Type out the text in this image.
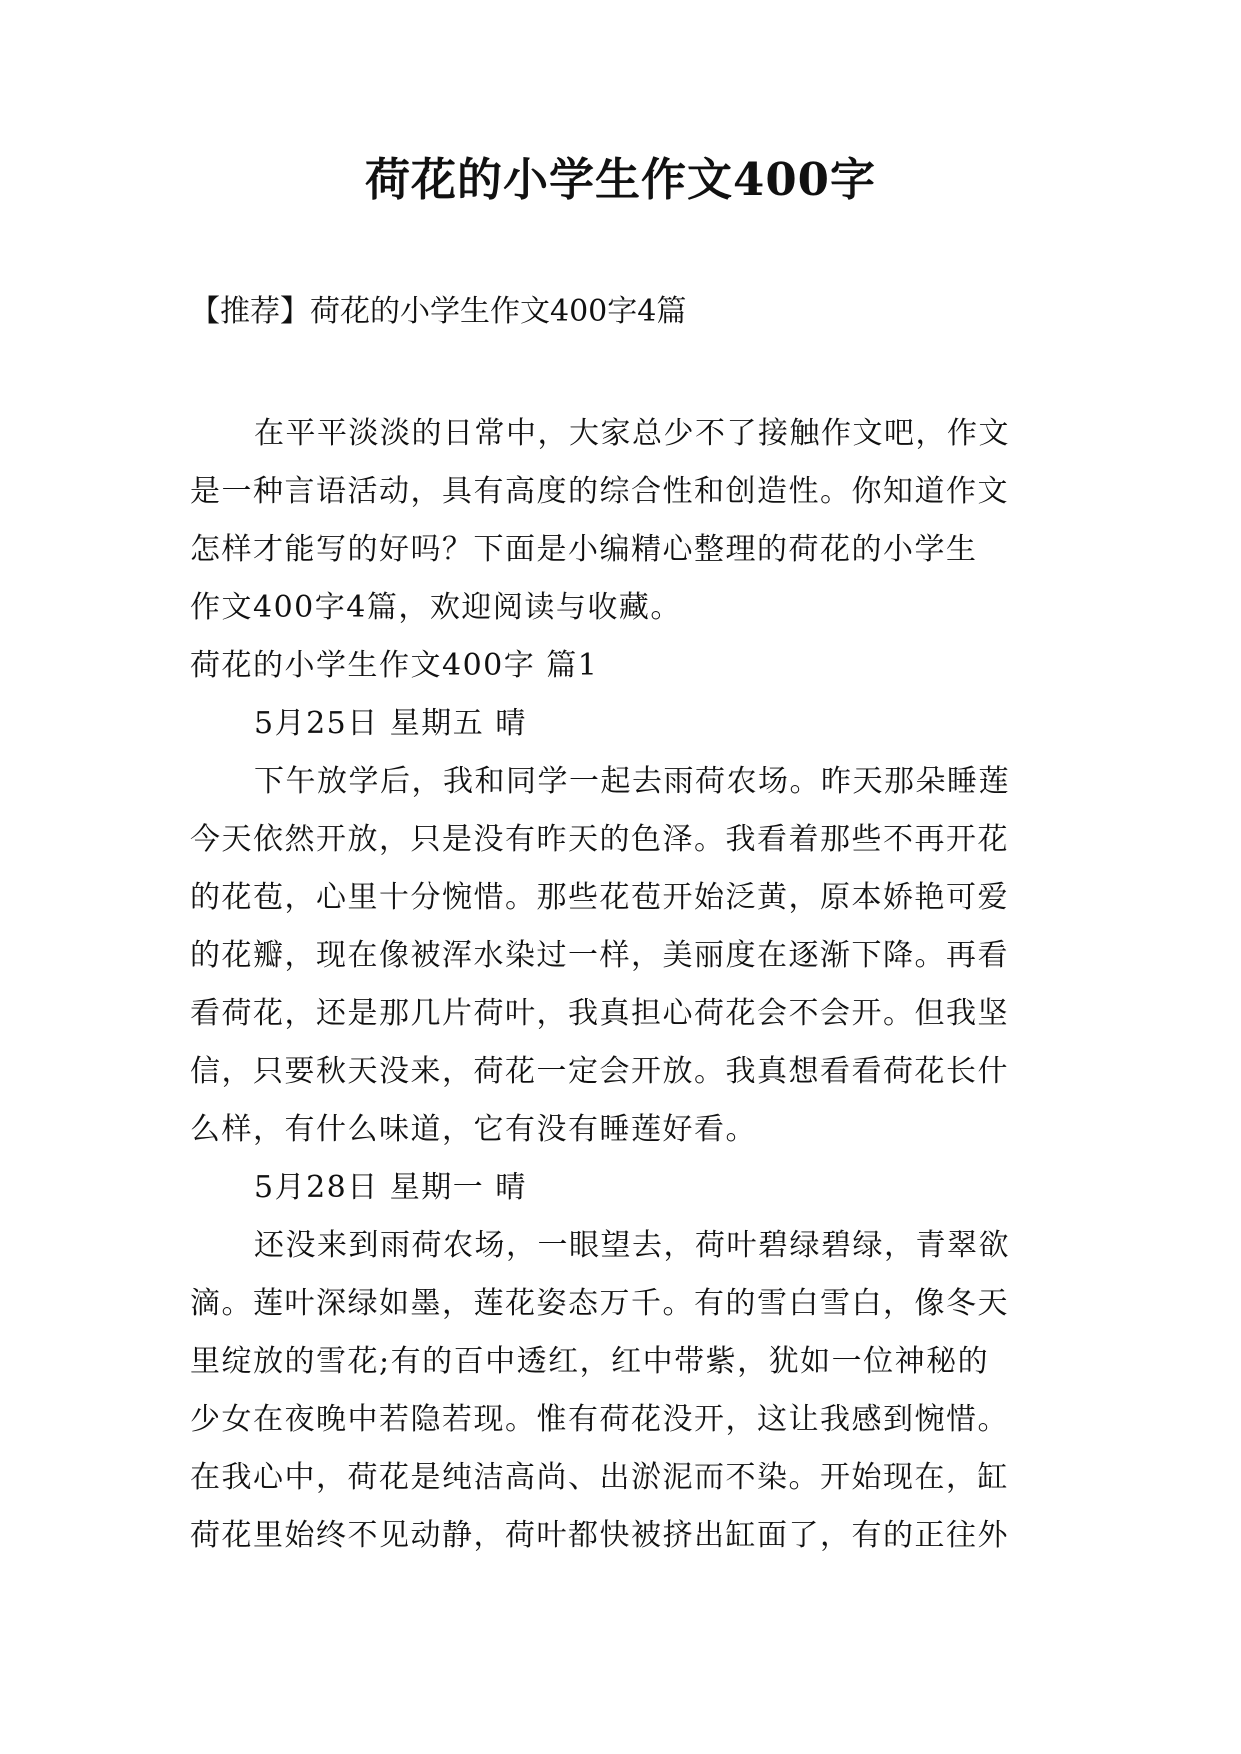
荷花的小学生作文400字
【推荐】荷花的小学生作文400字4篇
在平平淡淡的日常中，大家总少不了接触作文吧，作文
是一种言语活动，具有高度的综合性和创造性。你知道作文
怎样才能写的好吗？下面是小编精心整理的荷花的小学生
作文400字4篇，欢迎阅读与收藏。
荷花的小学生作文400字 篇1
5月25日 星期五 晴
下午放学后，我和同学一起去雨荷农场。昨天那朵睡莲
今天依然开放，只是没有昨天的色泽。我看着那些不再开花
的花苞，心里十分惋惜。那些花苞开始泛黄，原本娇艳可爱
的花瓣，现在像被浑水染过一样，美丽度在逐渐下降。再看
看荷花，还是那几片荷叶，我真担心荷花会不会开。但我坚
信，只要秋天没来，荷花一定会开放。我真想看看荷花长什
么样，有什么味道，它有没有睡莲好看。
5月28日 星期一 晴
还没来到雨荷农场，一眼望去，荷叶碧绿碧绿，青翠欲
滴。莲叶深绿如墨，莲花姿态万千。有的雪白雪白，像冬天
里绽放的雪花;有的百中透红，红中带紫，犹如一位神秘的
少女在夜晚中若隐若现。惟有荷花没开，这让我感到惋惜。
在我心中，荷花是纯洁高尚、出淤泥而不染。开始现在，缸
荷花里始终不见动静，荷叶都快被挤出缸面了，有的正往外
